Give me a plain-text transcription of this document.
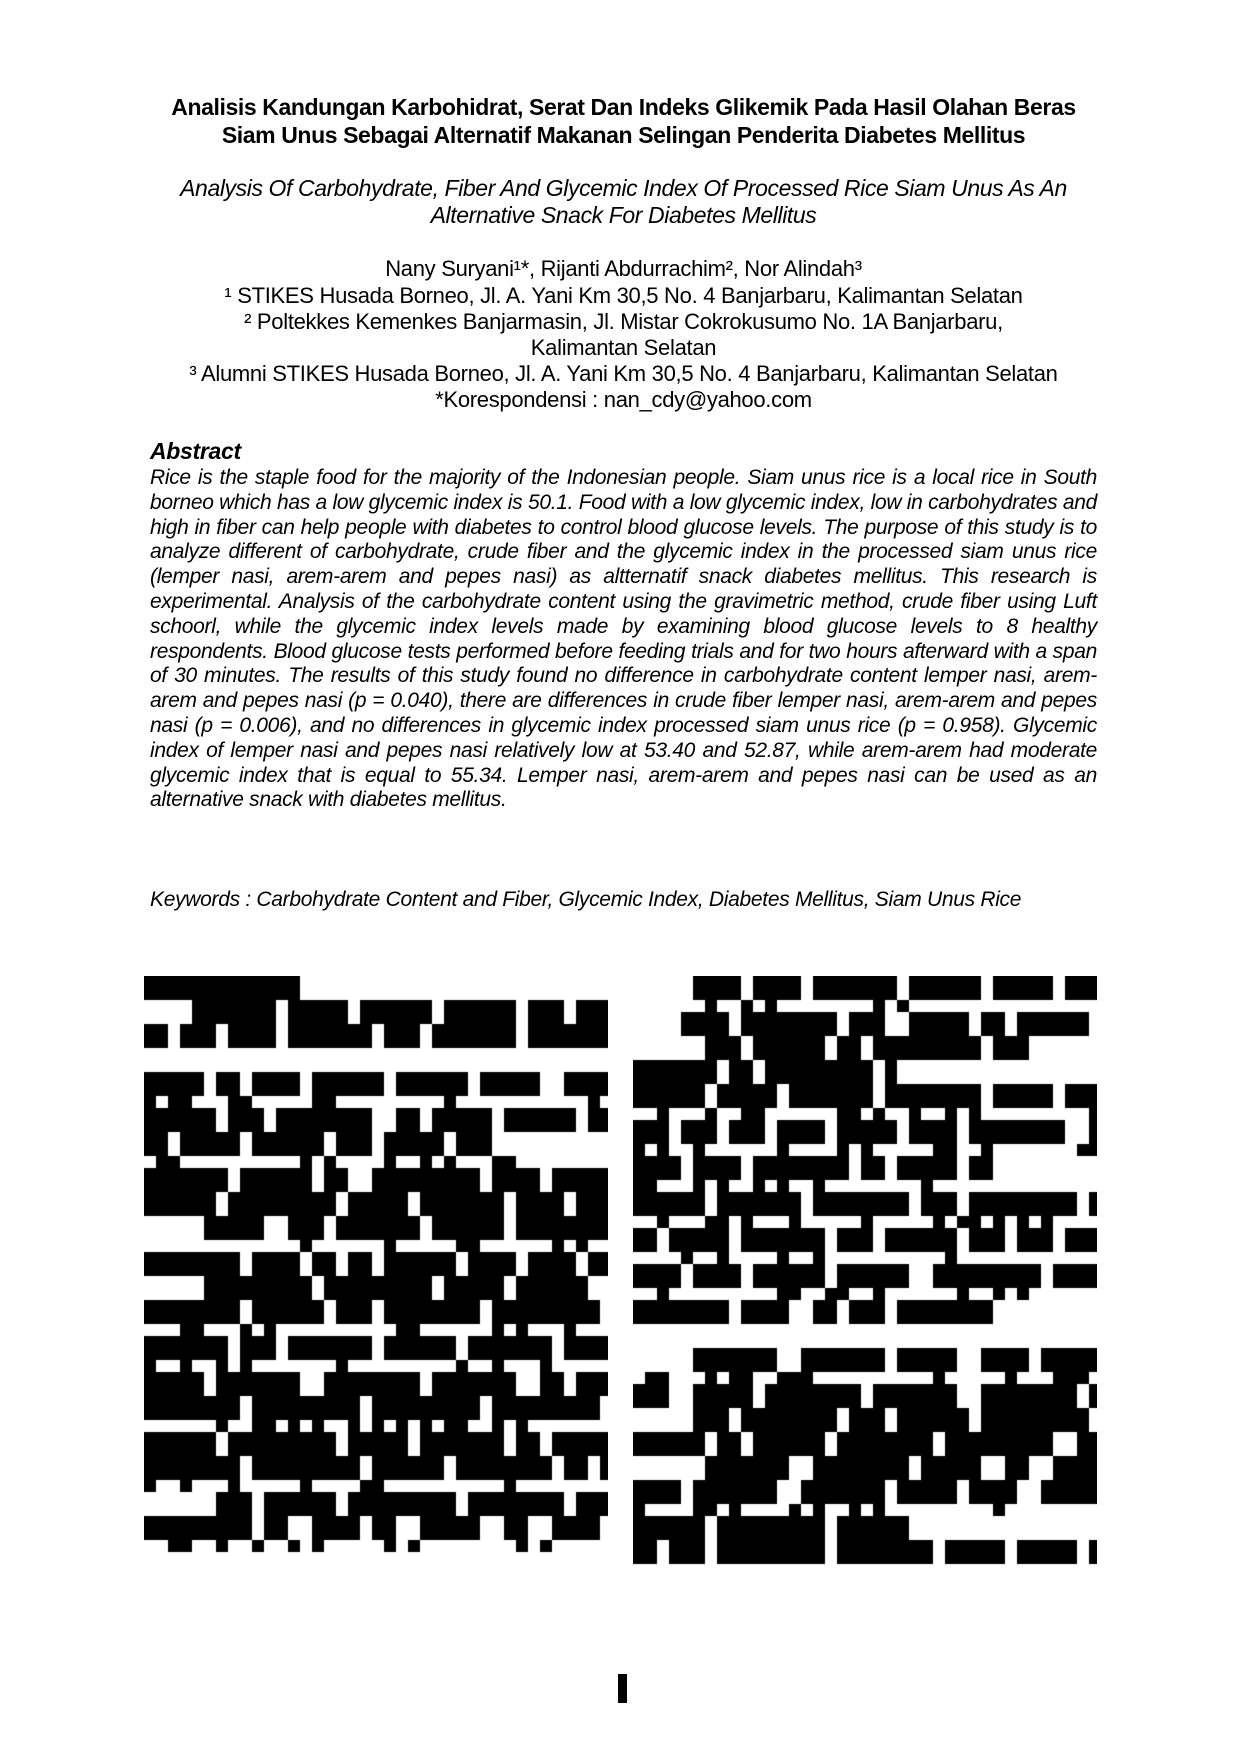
Analisis Kandungan Karbohidrat, Serat Dan Indeks Glikemik Pada Hasil Olahan Beras Siam Unus Sebagai Alternatif Makanan Selingan Penderita Diabetes Mellitus
Analysis Of Carbohydrate, Fiber And Glycemic Index Of Processed Rice Siam Unus As An Alternative Snack For Diabetes Mellitus
Nany Suryani¹*, Rijanti Abdurrachim², Nor Alindah³
¹ STIKES Husada Borneo, Jl. A. Yani Km 30,5 No. 4 Banjarbaru, Kalimantan Selatan
² Poltekkes Kemenkes Banjarmasin, Jl. Mistar Cokrokusumo No. 1A Banjarbaru,
Kalimantan Selatan
³ Alumni STIKES Husada Borneo, Jl. A. Yani Km 30,5 No. 4 Banjarbaru, Kalimantan Selatan
*Korespondensi : nan_cdy@yahoo.com
Abstract
Rice is the staple food for the majority of the Indonesian people. Siam unus rice is a local rice in South borneo which has a low glycemic index is 50.1. Food with a low glycemic index, low in carbohydrates and high in fiber can help people with diabetes to control blood glucose levels. The purpose of this study is to analyze different of carbohydrate, crude fiber and the glycemic index in the processed siam unus rice (lemper nasi, arem-arem and pepes nasi) as altternatif snack diabetes mellitus. This research is experimental. Analysis of the carbohydrate content using the gravimetric method, crude fiber using Luft schoorl, while the glycemic index levels made by examining blood glucose levels to 8 healthy respondents. Blood glucose tests performed before feeding trials and for two hours afterward with a span of 30 minutes. The results of this study found no difference in carbohydrate content lemper nasi, arem-arem and pepes nasi (p = 0.040), there are differences in crude fiber lemper nasi, arem-arem and pepes nasi (p = 0.006), and no differences in glycemic index processed siam unus rice (p = 0.958). Glycemic index of lemper nasi and pepes nasi relatively low at 53.40 and 52.87, while arem-arem had moderate glycemic index that is equal to 55.34. Lemper nasi, arem-arem and pepes nasi can be used as an alternative snack with diabetes mellitus.
Keywords : Carbohydrate Content and Fiber, Glycemic Index, Diabetes Mellitus, Siam Unus Rice
